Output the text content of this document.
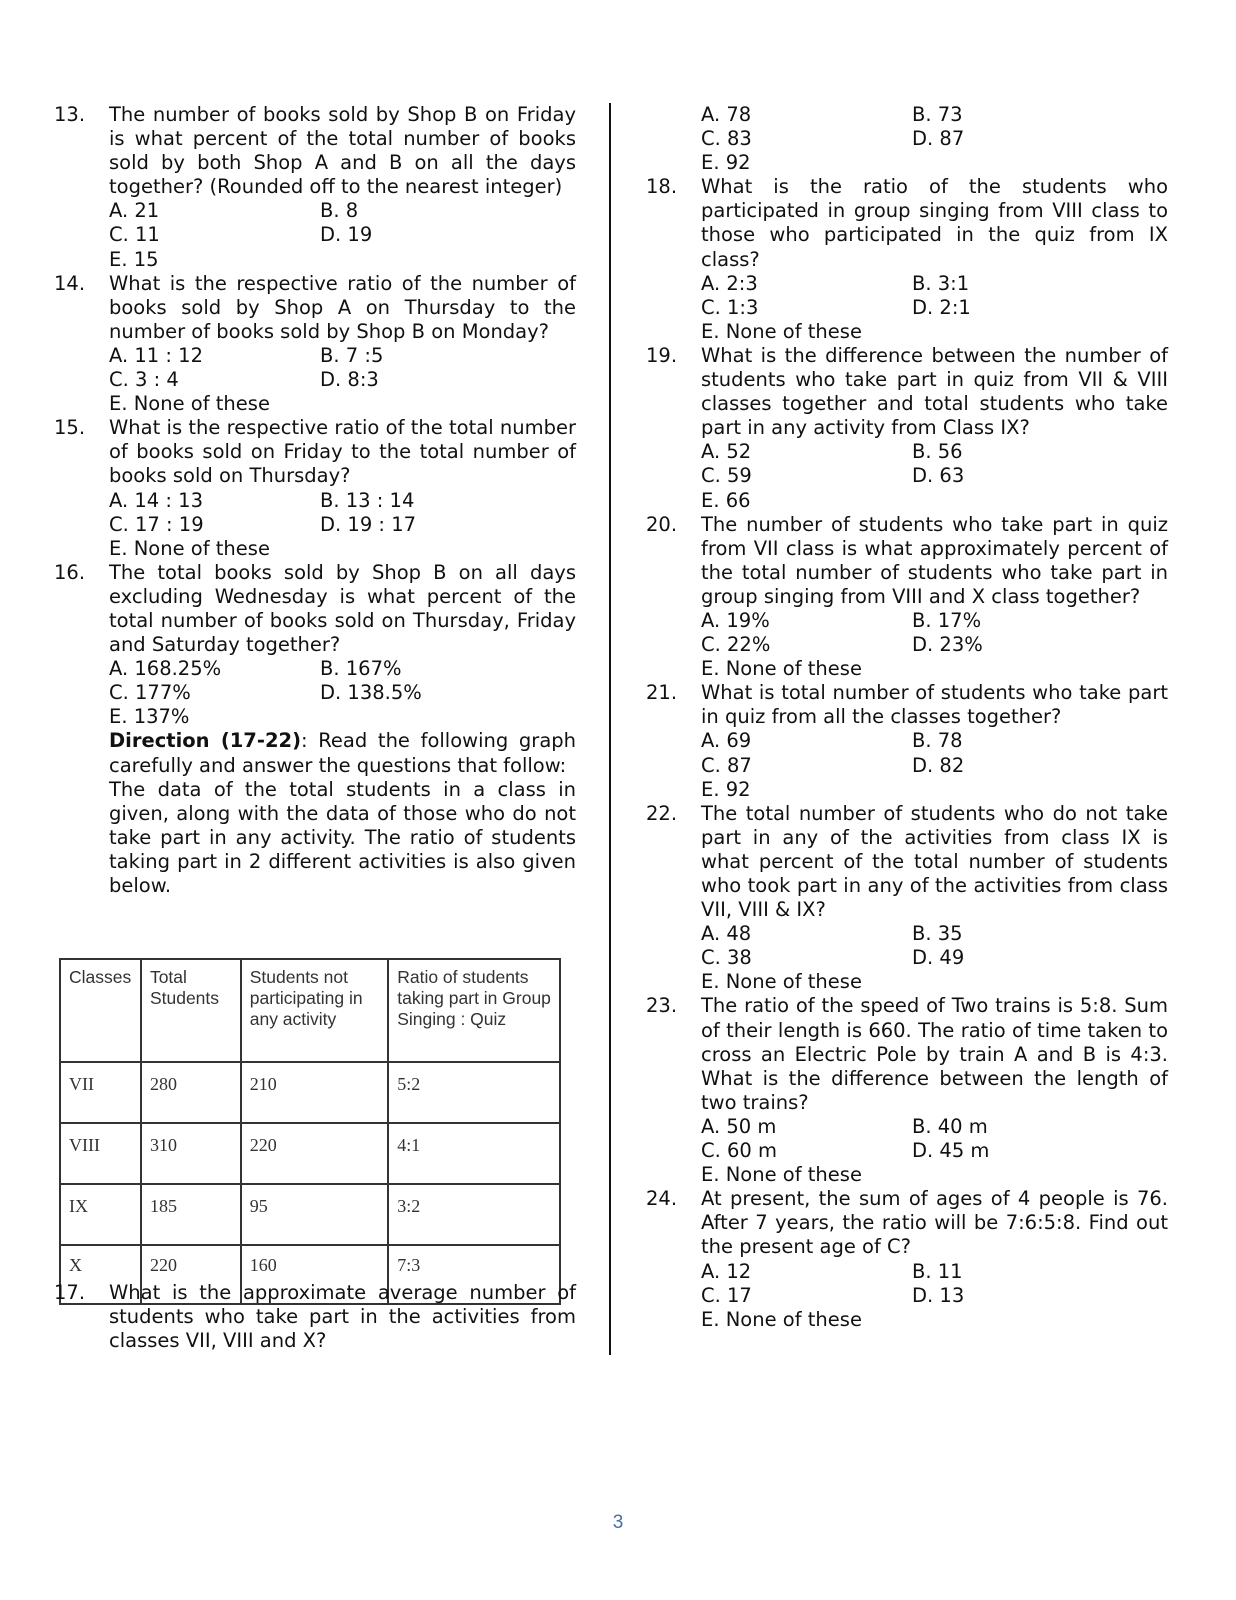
13. The number of books sold by Shop B on Friday is what percent of the total number of books sold by both Shop A and B on all the days together? (Rounded off to the nearest integer)
A. 21	B. 8
C. 11	D. 19
E. 15
14. What is the respective ratio of the number of books sold by Shop A on Thursday to the number of books sold by Shop B on Monday?
A. 11 : 12	B. 7 :5
C. 3 : 4	D. 8:3
E. None of these
15. What is the respective ratio of the total number of books sold on Friday to the total number of books sold on Thursday?
A. 14 : 13	B. 13 : 14
C. 17 : 19	D. 19 : 17
E. None of these
16. The total books sold by Shop B on all days excluding Wednesday is what percent of the total number of books sold on Thursday, Friday and Saturday together?
A. 168.25%	B. 167%
C. 177%	D. 138.5%
E. 137%
Direction (17-22): Read the following graph carefully and answer the questions that follow:
The data of the total students in a class in given, along with the data of those who do not take part in any activity. The ratio of students taking part in 2 different activities is also given below.
Classes	Total Students	Students not participating in any activity	Ratio of students taking part in Group Singing : Quiz
VII	280	210	5:2
VIII	310	220	4:1
IX	185	95	3:2
X	220	160	7:3
17. What is the approximate average number of students who take part in the activities from classes VII, VIII and X?
A. 78	B. 73
C. 83	D. 87
E. 92
18. What is the ratio of the students who participated in group singing from VIII class to those who participated in the quiz from IX class?
A. 2:3	B. 3:1
C. 1:3	D. 2:1
E. None of these
19. What is the difference between the number of students who take part in quiz from VII & VIII classes together and total students who take part in any activity from Class IX?
A. 52	B. 56
C. 59	D. 63
E. 66
20. The number of students who take part in quiz from VII class is what approximately percent of the total number of students who take part in group singing from VIII and X class together?
A. 19%	B. 17%
C. 22%	D. 23%
E. None of these
21. What is total number of students who take part in quiz from all the classes together?
A. 69	B. 78
C. 87	D. 82
E. 92
22. The total number of students who do not take part in any of the activities from class IX is what percent of the total number of students who took part in any of the activities from class VII, VIII & IX?
A. 48	B. 35
C. 38	D. 49
E. None of these
23. The ratio of the speed of Two trains is 5:8. Sum of their length is 660. The ratio of time taken to cross an Electric Pole by train A and B is 4:3. What is the difference between the length of two trains?
A. 50 m	B. 40 m
C. 60 m	D. 45 m
E. None of these
24. At present, the sum of ages of 4 people is 76. After 7 years, the ratio will be 7:6:5:8. Find out the present age of C?
A. 12	B. 11
C. 17	D. 13
E. None of these
3
